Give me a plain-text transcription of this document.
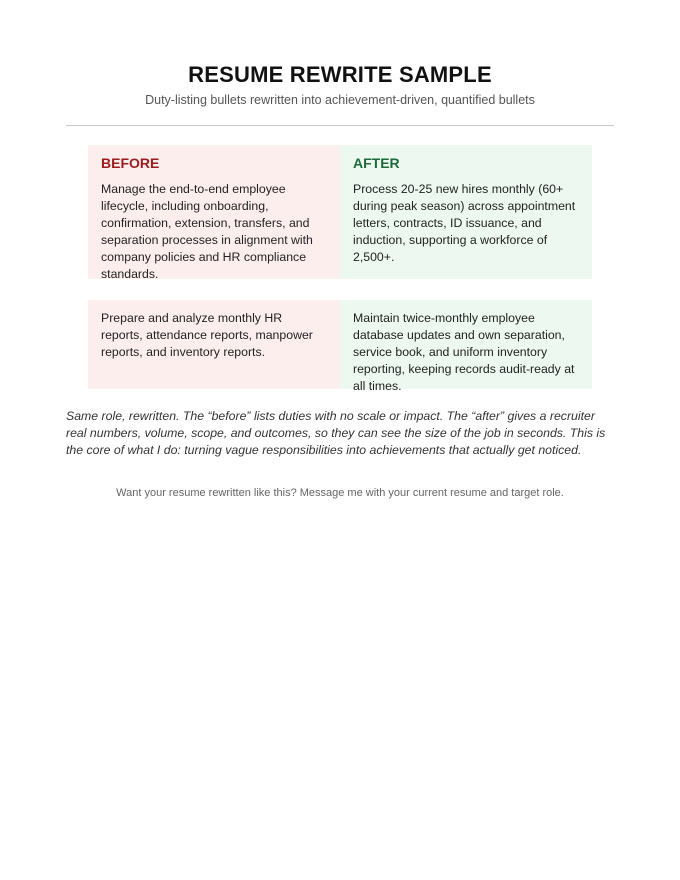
RESUME REWRITE SAMPLE
Duty-listing bullets rewritten into achievement-driven, quantified bullets
BEFORE
Manage the end-to-end employee lifecycle, including onboarding, confirmation, extension, transfers, and separation processes in alignment with company policies and HR compliance standards.
AFTER
Process 20-25 new hires monthly (60+ during peak season) across appointment letters, contracts, ID issuance, and induction, supporting a workforce of 2,500+.
Prepare and analyze monthly HR reports, attendance reports, manpower reports, and inventory reports.
Maintain twice-monthly employee database updates and own separation, service book, and uniform inventory reporting, keeping records audit-ready at all times.
Same role, rewritten. The “before” lists duties with no scale or impact. The “after” gives a recruiter real numbers, volume, scope, and outcomes, so they can see the size of the job in seconds. This is the core of what I do: turning vague responsibilities into achievements that actually get noticed.
Want your resume rewritten like this? Message me with your current resume and target role.
